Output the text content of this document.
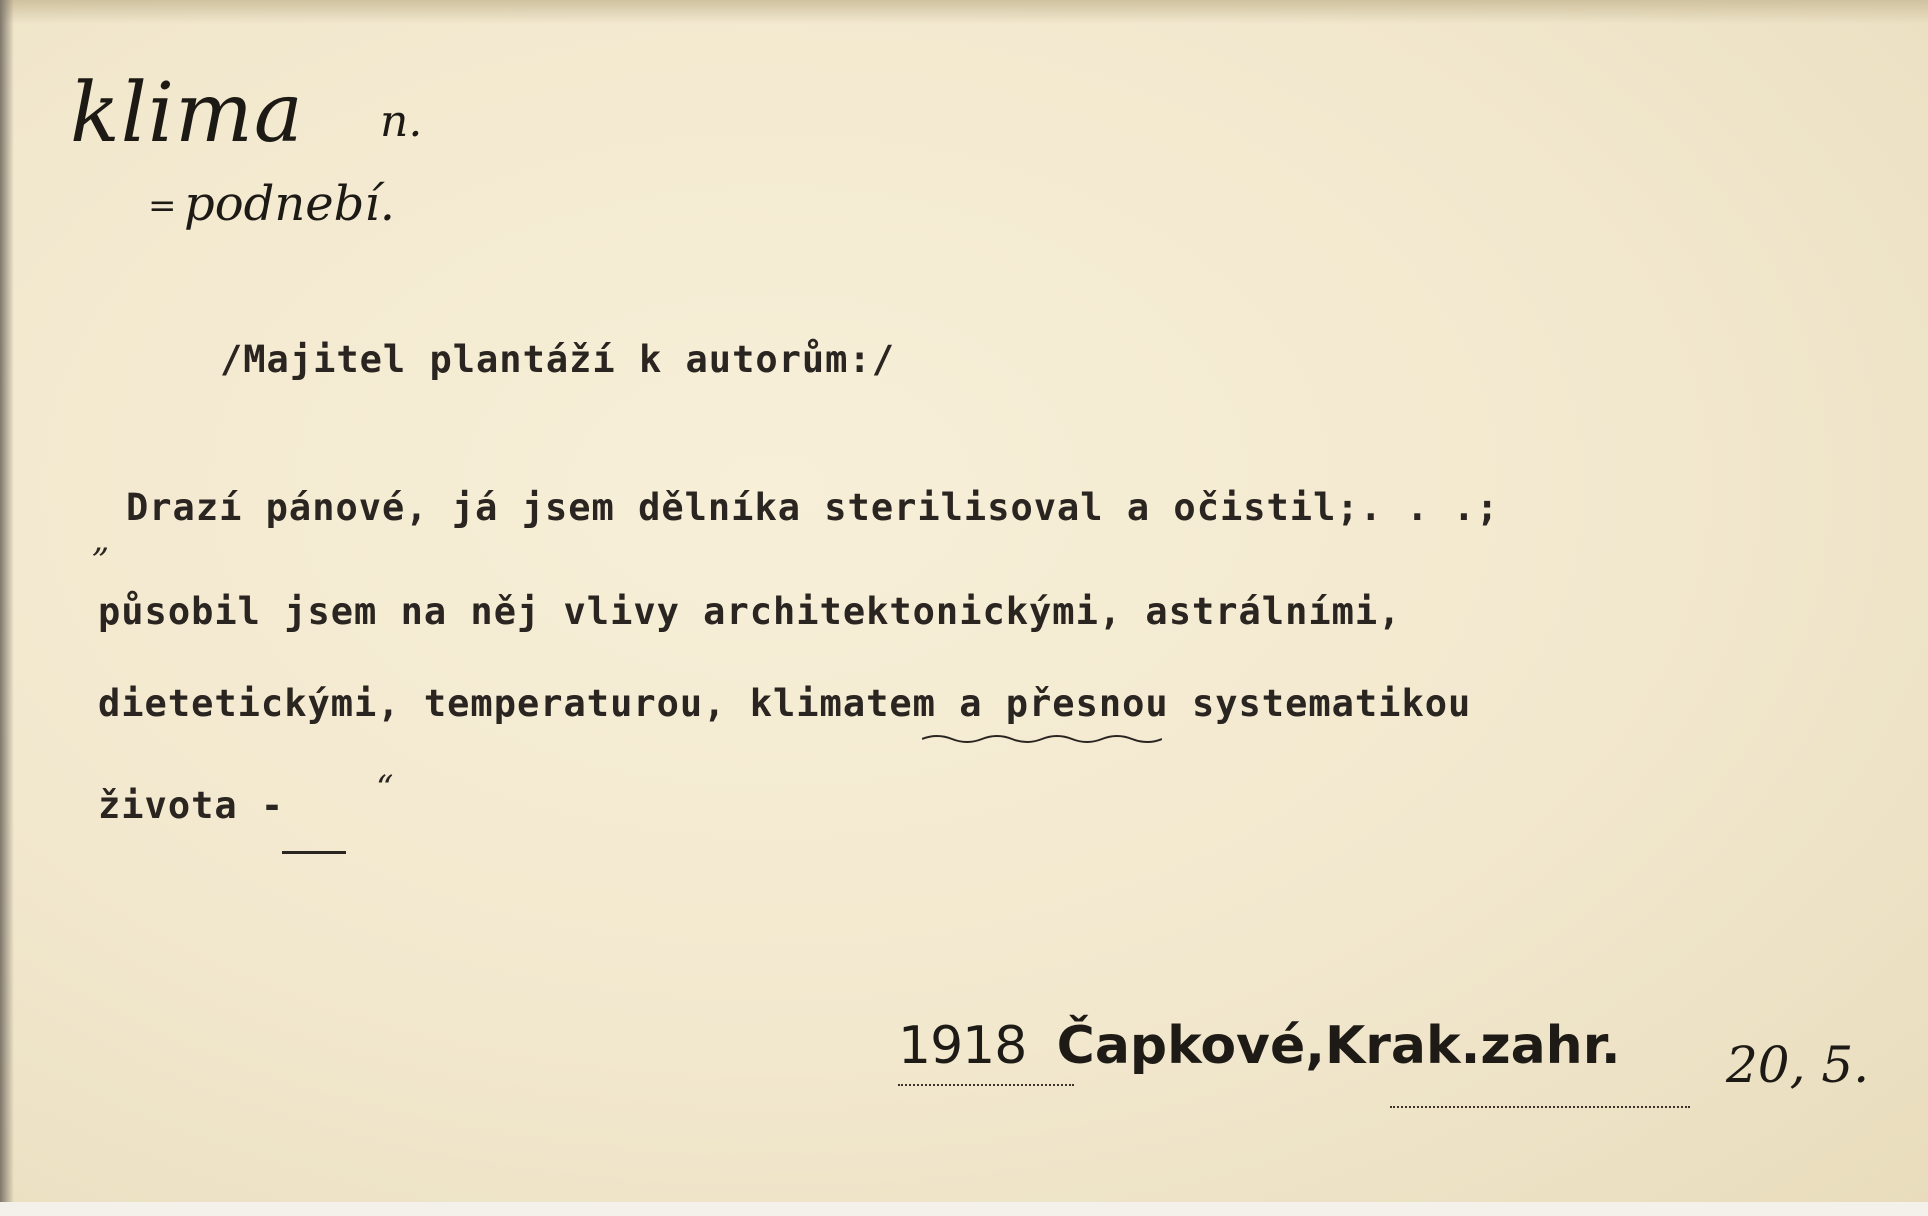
klima n.
= podnebí.
/Majitel plantáží k autorům:/
„
Drazí pánové, já jsem dělníka sterilisoval a očistil;. . .;
působil jsem na něj vlivy architektonickými, astrálními,
dietetickými, temperaturou, klimatem a přesnou systematikou
života -	“
1918 Čapkové,Krak.zahr. 20, 5.
